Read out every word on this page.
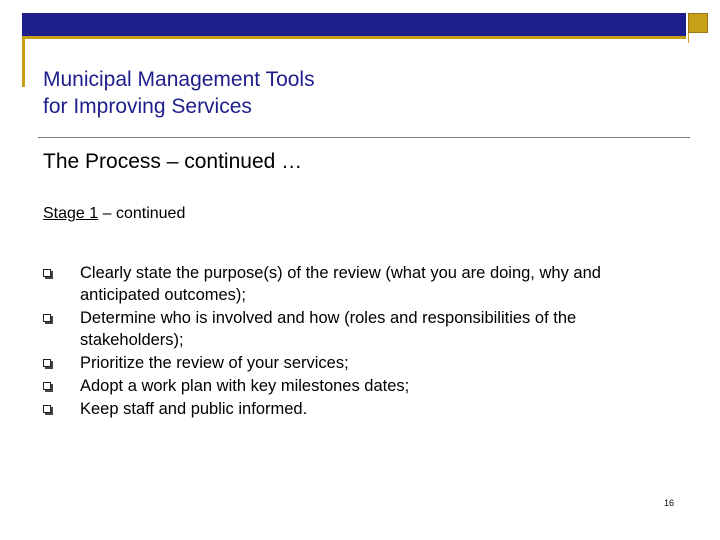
Municipal Management Tools
for Improving Services
The Process – continued …

Stage 1 – continued

Clearly state the purpose(s) of the review (what you are doing, why and anticipated outcomes);
Determine who is involved and how (roles and responsibilities of the stakeholders);
Prioritize the review of your services;
Adopt a work plan with key milestones dates;
Keep staff and public informed.
16
